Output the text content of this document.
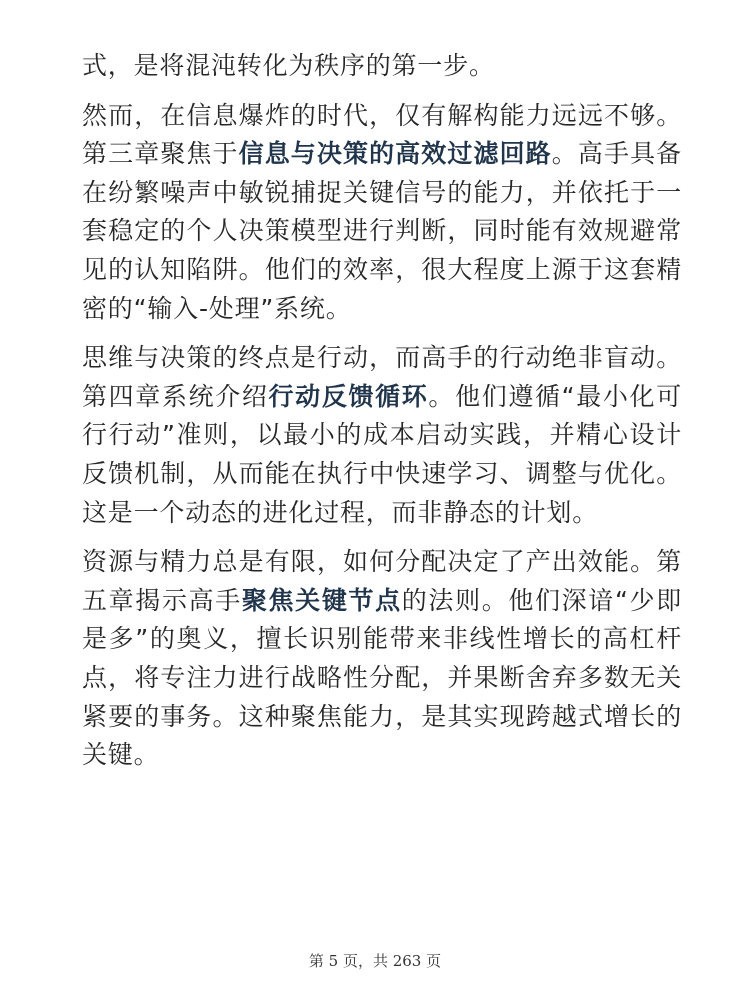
式，是将混沌转化为秩序的第一步。

然而，在信息爆炸的时代，仅有解构能力远远不够。第三章聚焦于信息与决策的高效过滤回路。高手具备在纷繁噪声中敏锐捕捉关键信号的能力，并依托于一套稳定的个人决策模型进行判断，同时能有效规避常见的认知陷阱。他们的效率，很大程度上源于这套精密的“输入-处理”系统。

思维与决策的终点是行动，而高手的行动绝非盲动。第四章系统介绍行动反馈循环。他们遵循“最小化可行行动”准则，以最小的成本启动实践，并精心设计反馈机制，从而能在执行中快速学习、调整与优化。这是一个动态的进化过程，而非静态的计划。

资源与精力总是有限，如何分配决定了产出效能。第五章揭示高手聚焦关键节点的法则。他们深谙“少即是多”的奥义，擅长识别能带来非线性增长的高杠杆点，将专注力进行战略性分配，并果断舍弃多数无关紧要的事务。这种聚焦能力，是其实现跨越式增长的关键。

第 5 页，共 263 页
